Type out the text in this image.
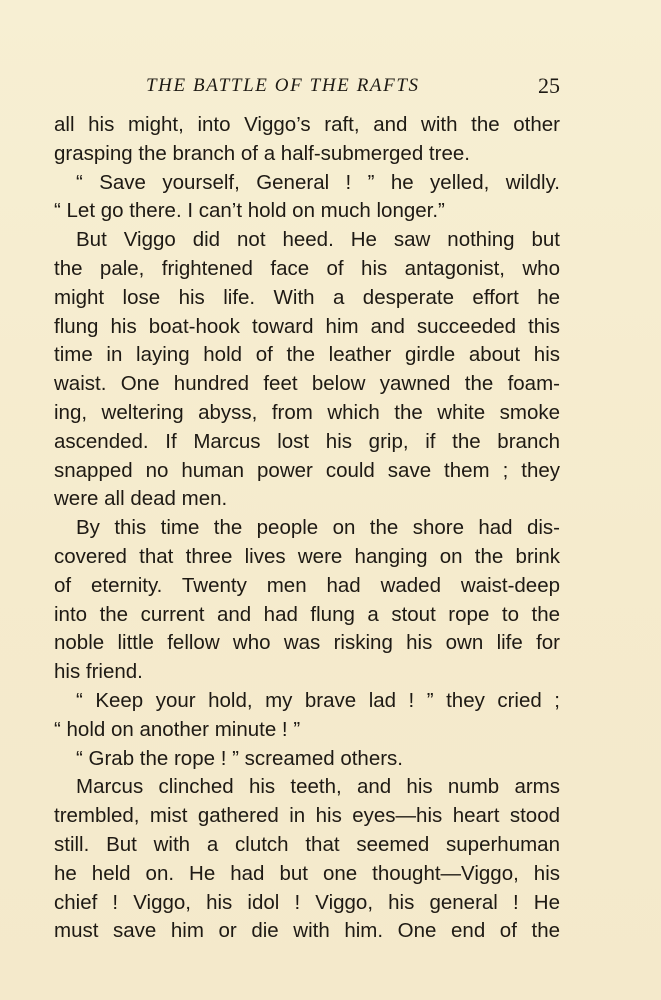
THE BATTLE OF THE RAFTS	25

all his might, into Viggo’s raft, and with the other
grasping the branch of a half-submerged tree.

“ Save yourself, General ! ” he yelled, wildly.
“ Let go there. I can’t hold on much longer.”

But Viggo did not heed. He saw nothing but
the pale, frightened face of his antagonist, who
might lose his life. With a desperate effort he
flung his boat-hook toward him and succeeded this
time in laying hold of the leather girdle about his
waist. One hundred feet below yawned the foam-
ing, weltering abyss, from which the white smoke
ascended. If Marcus lost his grip, if the branch
snapped no human power could save them ; they
were all dead men.

By this time the people on the shore had dis-
covered that three lives were hanging on the brink
of eternity. Twenty men had waded waist-deep
into the current and had flung a stout rope to the
noble little fellow who was risking his own life for
his friend.

“ Keep your hold, my brave lad ! ” they cried ;
“ hold on another minute ! ”

“ Grab the rope ! ” screamed others.

Marcus clinched his teeth, and his numb arms
trembled, mist gathered in his eyes—his heart stood
still. But with a clutch that seemed superhuman
he held on. He had but one thought—Viggo, his
chief ! Viggo, his idol ! Viggo, his general ! He
must save him or die with him. One end of the
